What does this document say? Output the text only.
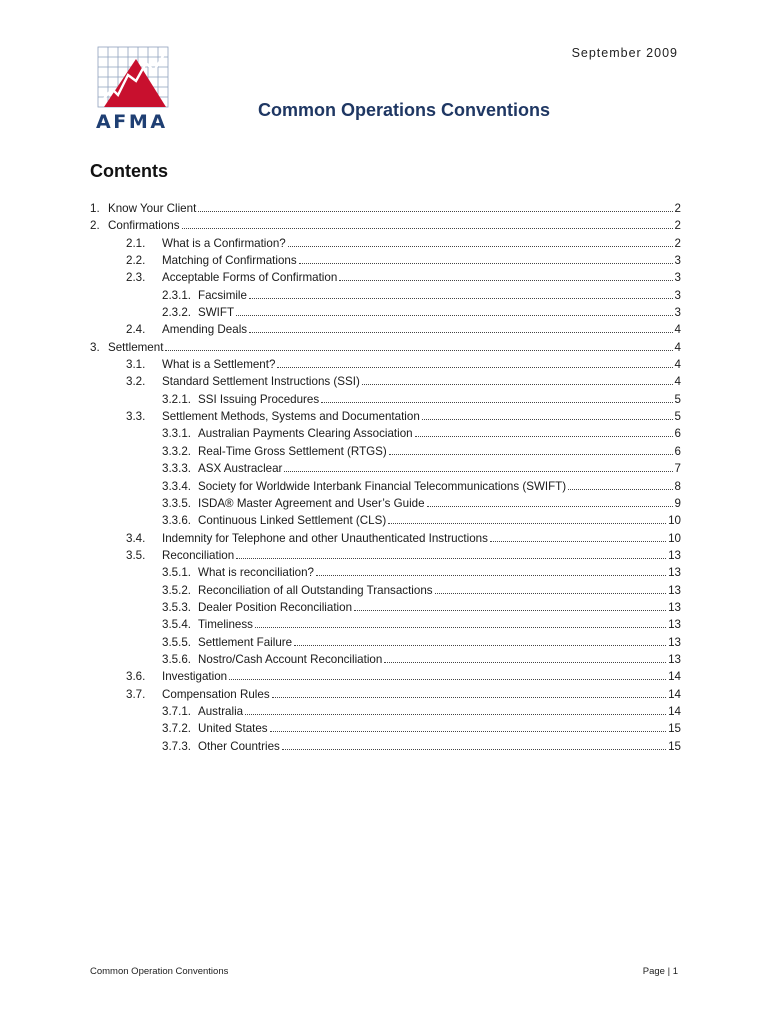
AFMA
September 2009
Common Operations Conventions
Contents
1. Know Your Client	2
2. Confirmations	2
2.1. What is a Confirmation?	2
2.2. Matching of Confirmations	3
2.3. Acceptable Forms of Confirmation	3
2.3.1. Facsimile	3
2.3.2. SWIFT	3
2.4. Amending Deals	4
3. Settlement	4
3.1. What is a Settlement?	4
3.2. Standard Settlement Instructions (SSI)	4
3.2.1. SSI Issuing Procedures	5
3.3. Settlement Methods, Systems and Documentation	5
3.3.1. Australian Payments Clearing Association	6
3.3.2. Real-Time Gross Settlement (RTGS)	6
3.3.3. ASX Austraclear	7
3.3.4. Society for Worldwide Interbank Financial Telecommunications (SWIFT)	8
3.3.5. ISDA® Master Agreement and User’s Guide	9
3.3.6. Continuous Linked Settlement (CLS)	10
3.4. Indemnity for Telephone and other Unauthenticated Instructions	10
3.5. Reconciliation	13
3.5.1. What is reconciliation?	13
3.5.2. Reconciliation of all Outstanding Transactions	13
3.5.3. Dealer Position Reconciliation	13
3.5.4. Timeliness	13
3.5.5. Settlement Failure	13
3.5.6. Nostro/Cash Account Reconciliation	13
3.6. Investigation	14
3.7. Compensation Rules	14
3.7.1. Australia	14
3.7.2. United States	15
3.7.3. Other Countries	15
Common Operation Conventions	Page | 1
